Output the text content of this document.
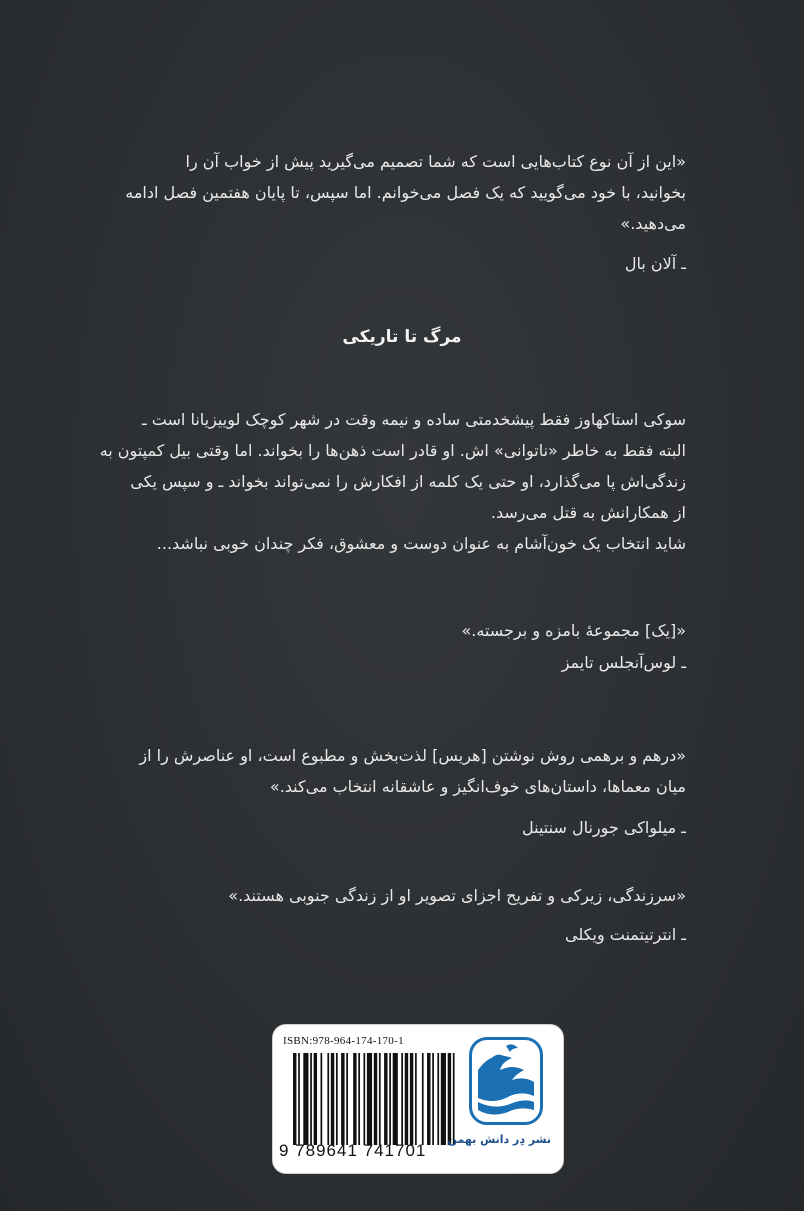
«این از آن نوع کتاب‌هایی است که شما تصمیم می‌گیرید پیش از خواب آن را
بخوانید، با خود می‌گویید که یک فصل می‌خوانم. اما سپس، تا پایان هفتمین فصل ادامه
می‌دهید.»
ـ آلان بال
مرگ تا تاریکی
سوکی استاکهاوز فقط پیشخدمتی ساده و نیمه وقت در شهر کوچک لوییزیانا است ـ
البته فقط به خاطر «ناتوانی» اش. او قادر است ذهن‌ها را بخواند. اما وقتی بیل کمپتون به
زندگی‌اش پا می‌گذارد، او حتی یک کلمه از افکارش را نمی‌تواند بخواند ـ و سپس یکی
از همکارانش به قتل می‌رسد.
شاید انتخاب یک خون‌آشام به عنوان دوست و معشوق، فکر چندان خوبی نباشد...
«[یک] مجموعۀ بامزه و برجسته.»
ـ لوس‌آنجلس تایمز
«درهم و برهمی روش نوشتن [هریس] لذت‌بخش و مطبوع است، او عناصرش را از
میان معماها، داستان‌های خوف‌انگیز و عاشقانه انتخاب می‌کند.»
ـ میلواکی جورنال سنتینل
«سرزندگی، زیرکی و تفریح اجزای تصویر او از زندگی جنوبی هستند.»
ـ انترتیتمنت ویکلی
ISBN:978-964-174-170-1
9 789641 741701
نشر دِر دانش بهمن
